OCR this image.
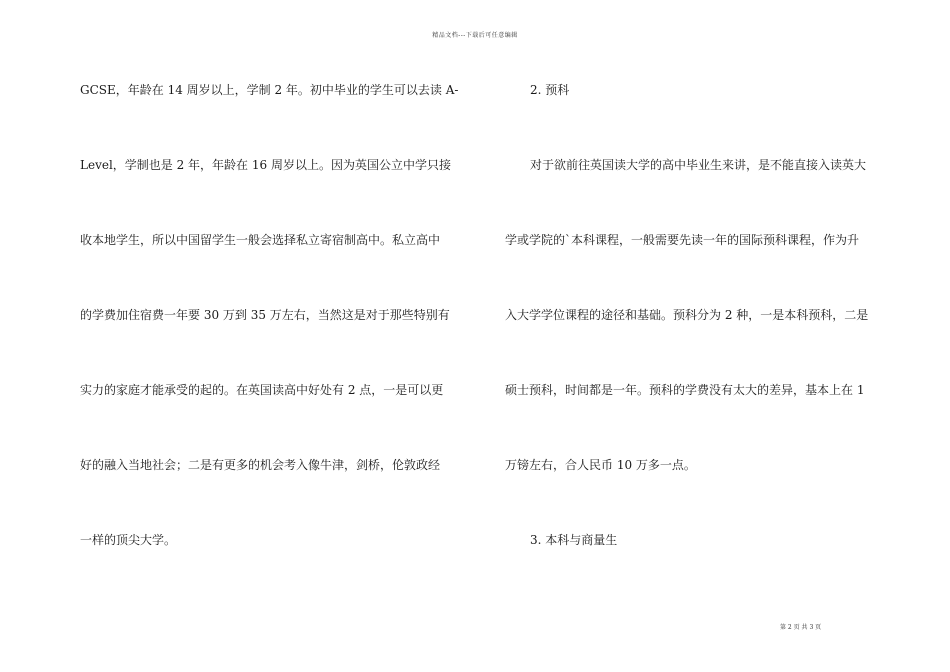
精品文档---下载后可任意编辑
GCSE，年龄在 14 周岁以上，学制 2 年。初中毕业的学生可以去读 A-
Level，学制也是 2 年，年龄在 16 周岁以上。因为英国公立中学只接
收本地学生，所以中国留学生一般会选择私立寄宿制高中。私立高中
的学费加住宿费一年要 30 万到 35 万左右，当然这是对于那些特别有
实力的家庭才能承受的起的。在英国读高中好处有 2 点，一是可以更
好的融入当地社会；二是有更多的机会考入像牛津，剑桥，伦敦政经
一样的顶尖大学。
2. 预科
对于欲前往英国读大学的高中毕业生来讲，是不能直接入读英大
学或学院的`本科课程，一般需要先读一年的国际预科课程，作为升
入大学学位课程的途径和基础。预科分为 2 种，一是本科预科，二是
硕士预科，时间都是一年。预科的学费没有太大的差异，基本上在 1
万镑左右，合人民币 10 万多一点。
3. 本科与商量生
第 2 页 共 3 页
